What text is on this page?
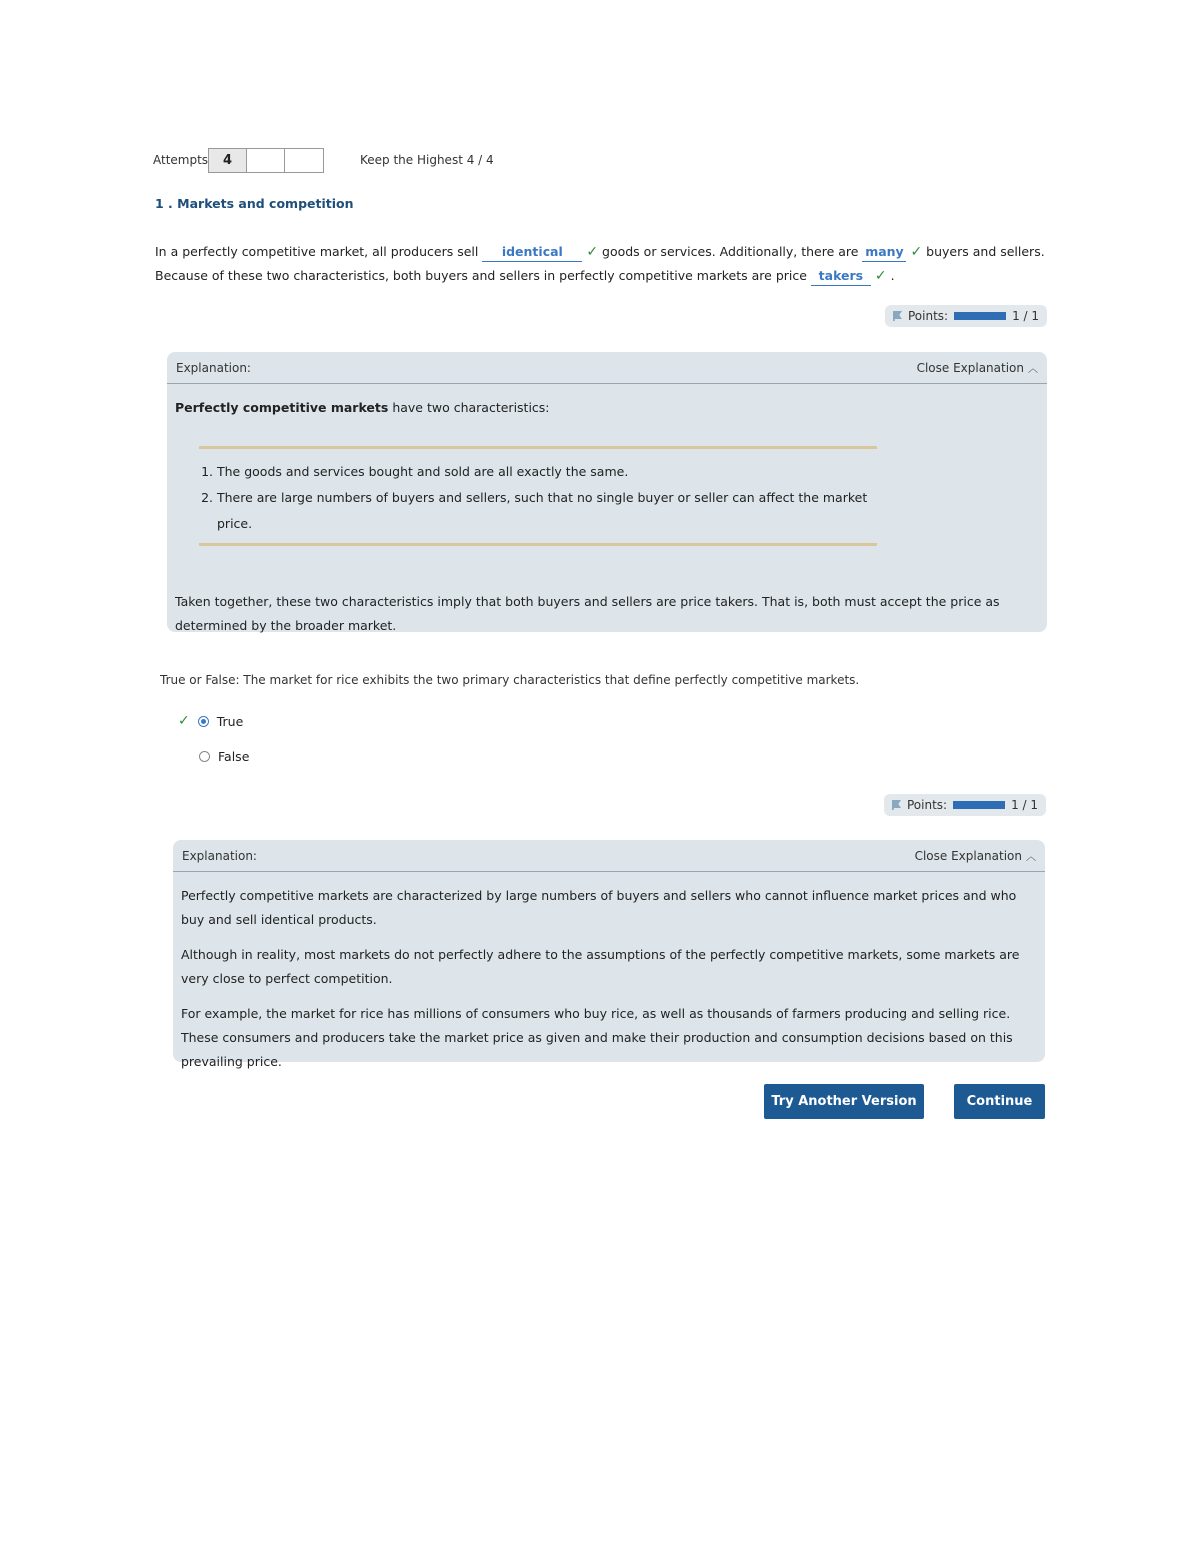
Attempts	4	Keep the Highest 4 / 4
1 . Markets and competition
In a perfectly competitive market, all producers sell identical ✓ goods or services. Additionally, there are many ✓ buyers and sellers.
Because of these two characteristics, both buyers and sellers in perfectly competitive markets are price takers ✓ .
Points:	1 / 1
Explanation:	Close Explanation ︿
Perfectly competitive markets have two characteristics:
1. The goods and services bought and sold are all exactly the same.
2. There are large numbers of buyers and sellers, such that no single buyer or seller can affect the market price.
Taken together, these two characteristics imply that both buyers and sellers are price takers. That is, both must accept the price as determined by the broader market.
True or False: The market for rice exhibits the two primary characteristics that define perfectly competitive markets.
✓ True
False
Points:	1 / 1
Explanation:	Close Explanation ︿
Perfectly competitive markets are characterized by large numbers of buyers and sellers who cannot influence market prices and who buy and sell identical products.
Although in reality, most markets do not perfectly adhere to the assumptions of the perfectly competitive markets, some markets are very close to perfect competition.
For example, the market for rice has millions of consumers who buy rice, as well as thousands of farmers producing and selling rice. These consumers and producers take the market price as given and make their production and consumption decisions based on this prevailing price.
Try Another Version	Continue
